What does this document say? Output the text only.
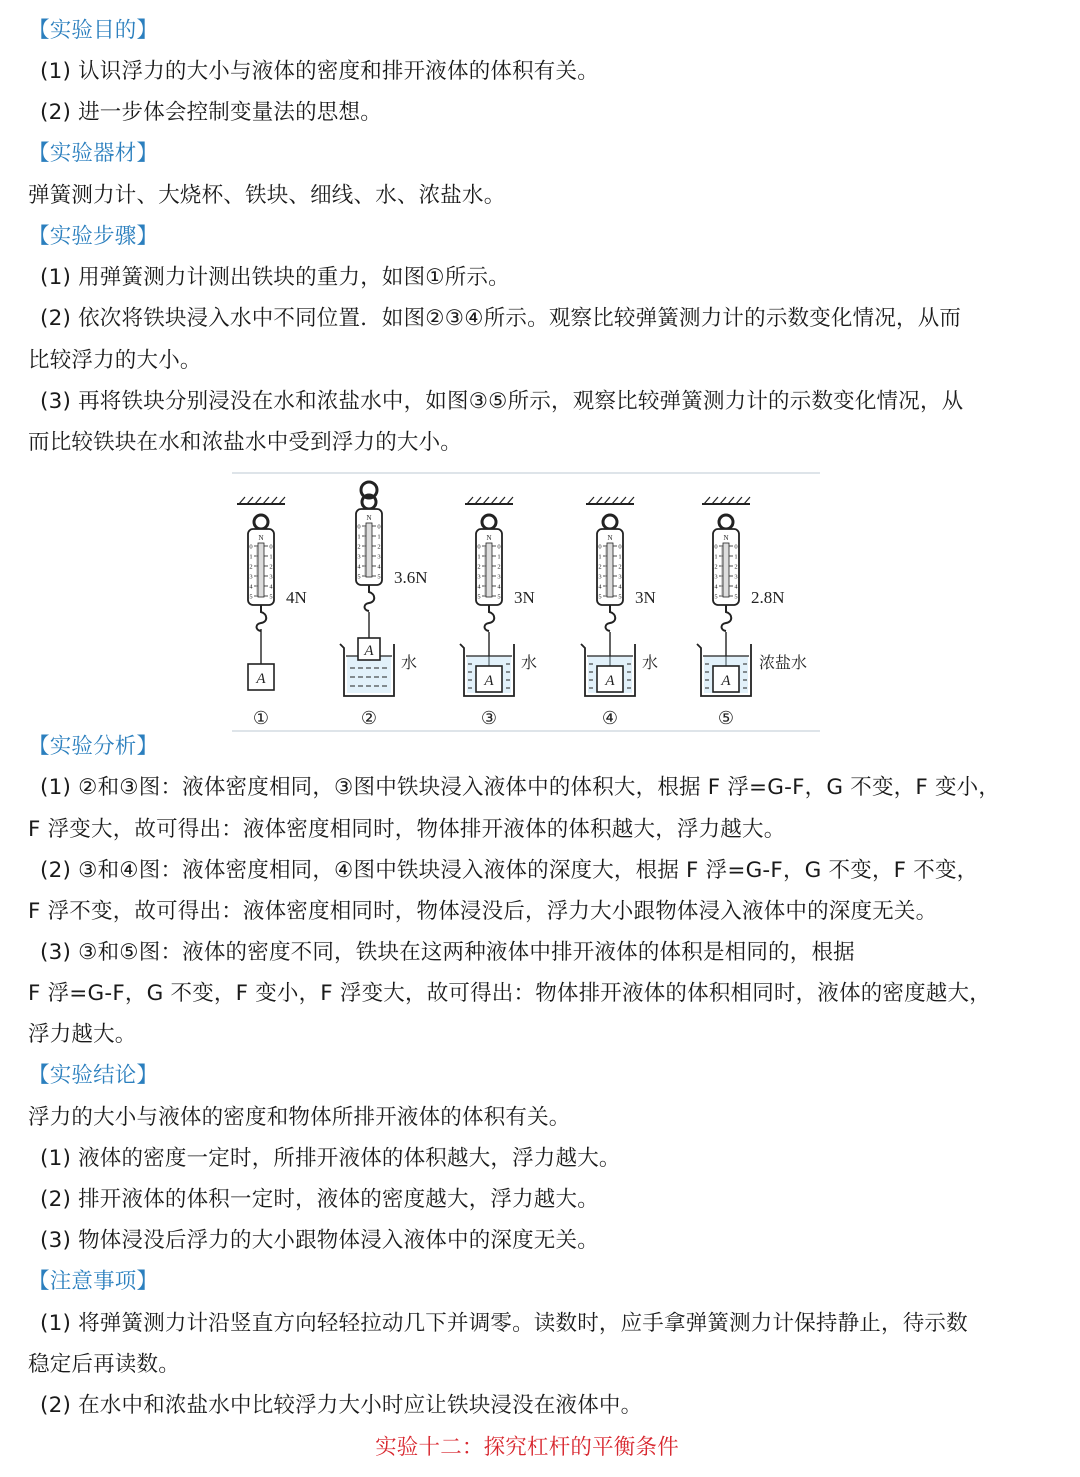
【实验目的】
(1) 认识浮力的大小与液体的密度和排开液体的体积有关。
(2) 进一步体会控制变量法的思想。
【实验器材】
弹簧测力计、大烧杯、铁块、细线、水、浓盐水。
【实验步骤】
(1) 用弹簧测力计测出铁块的重力，如图①所示。
(2) 依次将铁块浸入水中不同位置．如图②③④所示。观察比较弹簧测力计的示数变化情况，从而
比较浮力的大小。
(3) 再将铁块分别浸没在水和浓盐水中，如图③⑤所示，观察比较弹簧测力计的示数变化情况，从
而比较铁块在水和浓盐水中受到浮力的大小。
N
0	0
1	1
2	2
3	3
4	4
5	5 4N
A
①
N
0	0
1	1
2	2
3	3
4	4
5	5 3.6N
水
A
②
N
0	0
1	1
2	2
3	3
4	4
5	5 3N
水
A
③
N
0	0
1	1
2	2
3	3
4	4
5	5 3N
水
A
④
N
0	0
1	1
2	2
3	3
4	4
5	5 2.8N
浓盐水
A
⑤
【实验分析】
(1) ②和③图：液体密度相同，③图中铁块浸入液体中的体积大，根据 F 浮=G-F，G 不变，F 变小，
F 浮变大，故可得出：液体密度相同时，物体排开液体的体积越大，浮力越大。
(2) ③和④图：液体密度相同，④图中铁块浸入液体的深度大，根据 F 浮=G-F，G 不变，F 不变，
F 浮不变，故可得出：液体密度相同时，物体浸没后，浮力大小跟物体浸入液体中的深度无关。
(3) ③和⑤图：液体的密度不同，铁块在这两种液体中排开液体的体积是相同的，根据
F 浮=G-F，G 不变，F 变小，F 浮变大，故可得出：物体排开液体的体积相同时，液体的密度越大，
浮力越大。
【实验结论】
浮力的大小与液体的密度和物体所排开液体的体积有关。
(1) 液体的密度一定时，所排开液体的体积越大，浮力越大。
(2) 排开液体的体积一定时，液体的密度越大，浮力越大。
(3) 物体浸没后浮力的大小跟物体浸入液体中的深度无关。
【注意事项】
(1) 将弹簧测力计沿竖直方向轻轻拉动几下并调零。读数时，应手拿弹簧测力计保持静止，待示数
稳定后再读数。
(2) 在水中和浓盐水中比较浮力大小时应让铁块浸没在液体中。
实验十二：探究杠杆的平衡条件
